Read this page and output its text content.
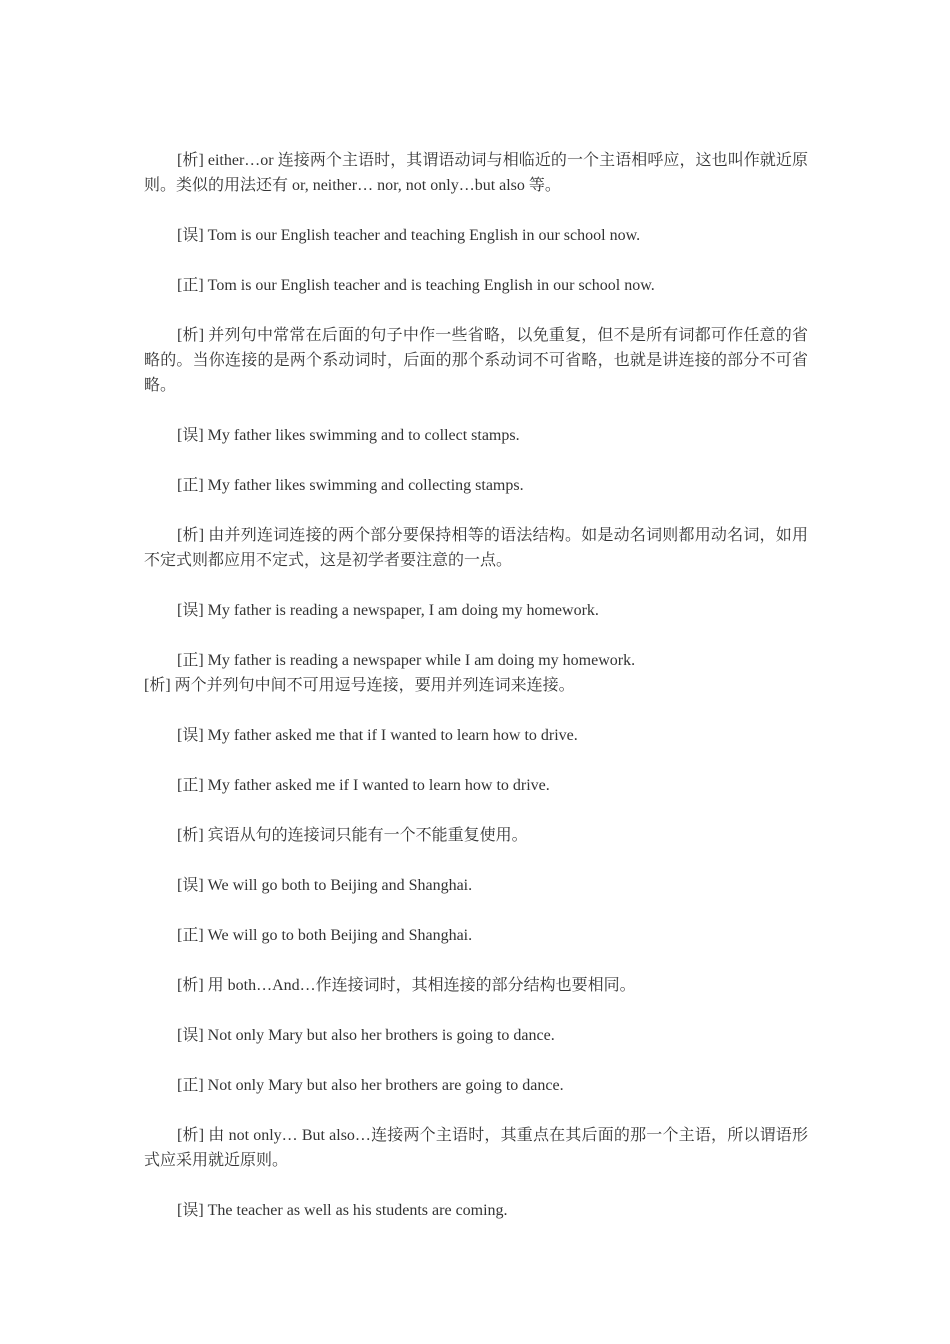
[析] either…or 连接两个主语时，其谓语动词与相临近的一个主语相呼应，这也叫作就近原则。类似的用法还有 or, neither… nor, not only…but also 等。

[误] Tom is our English teacher and teaching English in our school now.

[正] Tom is our English teacher and is teaching English in our school now.

[析] 并列句中常常在后面的句子中作一些省略，以免重复，但不是所有词都可作任意的省略的。当你连接的是两个系动词时，后面的那个系动词不可省略，也就是讲连接的部分不可省略。

[误] My father likes swimming and to collect stamps.

[正] My father likes swimming and collecting stamps.

[析] 由并列连词连接的两个部分要保持相等的语法结构。如是动名词则都用动名词，如用不定式则都应用不定式，这是初学者要注意的一点。

[误] My father is reading a newspaper, I am doing my homework.

[正] My father is reading a newspaper while I am doing my homework.

[析] 两个并列句中间不可用逗号连接，要用并列连词来连接。

[误] My father asked me that if I wanted to learn how to drive.

[正] My father asked me if I wanted to learn how to drive.

[析] 宾语从句的连接词只能有一个不能重复使用。

[误] We will go both to Beijing and Shanghai.

[正] We will go to both Beijing and Shanghai.

[析] 用 both…And…作连接词时，其相连接的部分结构也要相同。

[误] Not only Mary but also her brothers is going to dance.

[正] Not only Mary but also her brothers are going to dance.

[析] 由 not only… But also…连接两个主语时，其重点在其后面的那一个主语，所以谓语形式应采用就近原则。

[误] The teacher as well as his students are coming.
